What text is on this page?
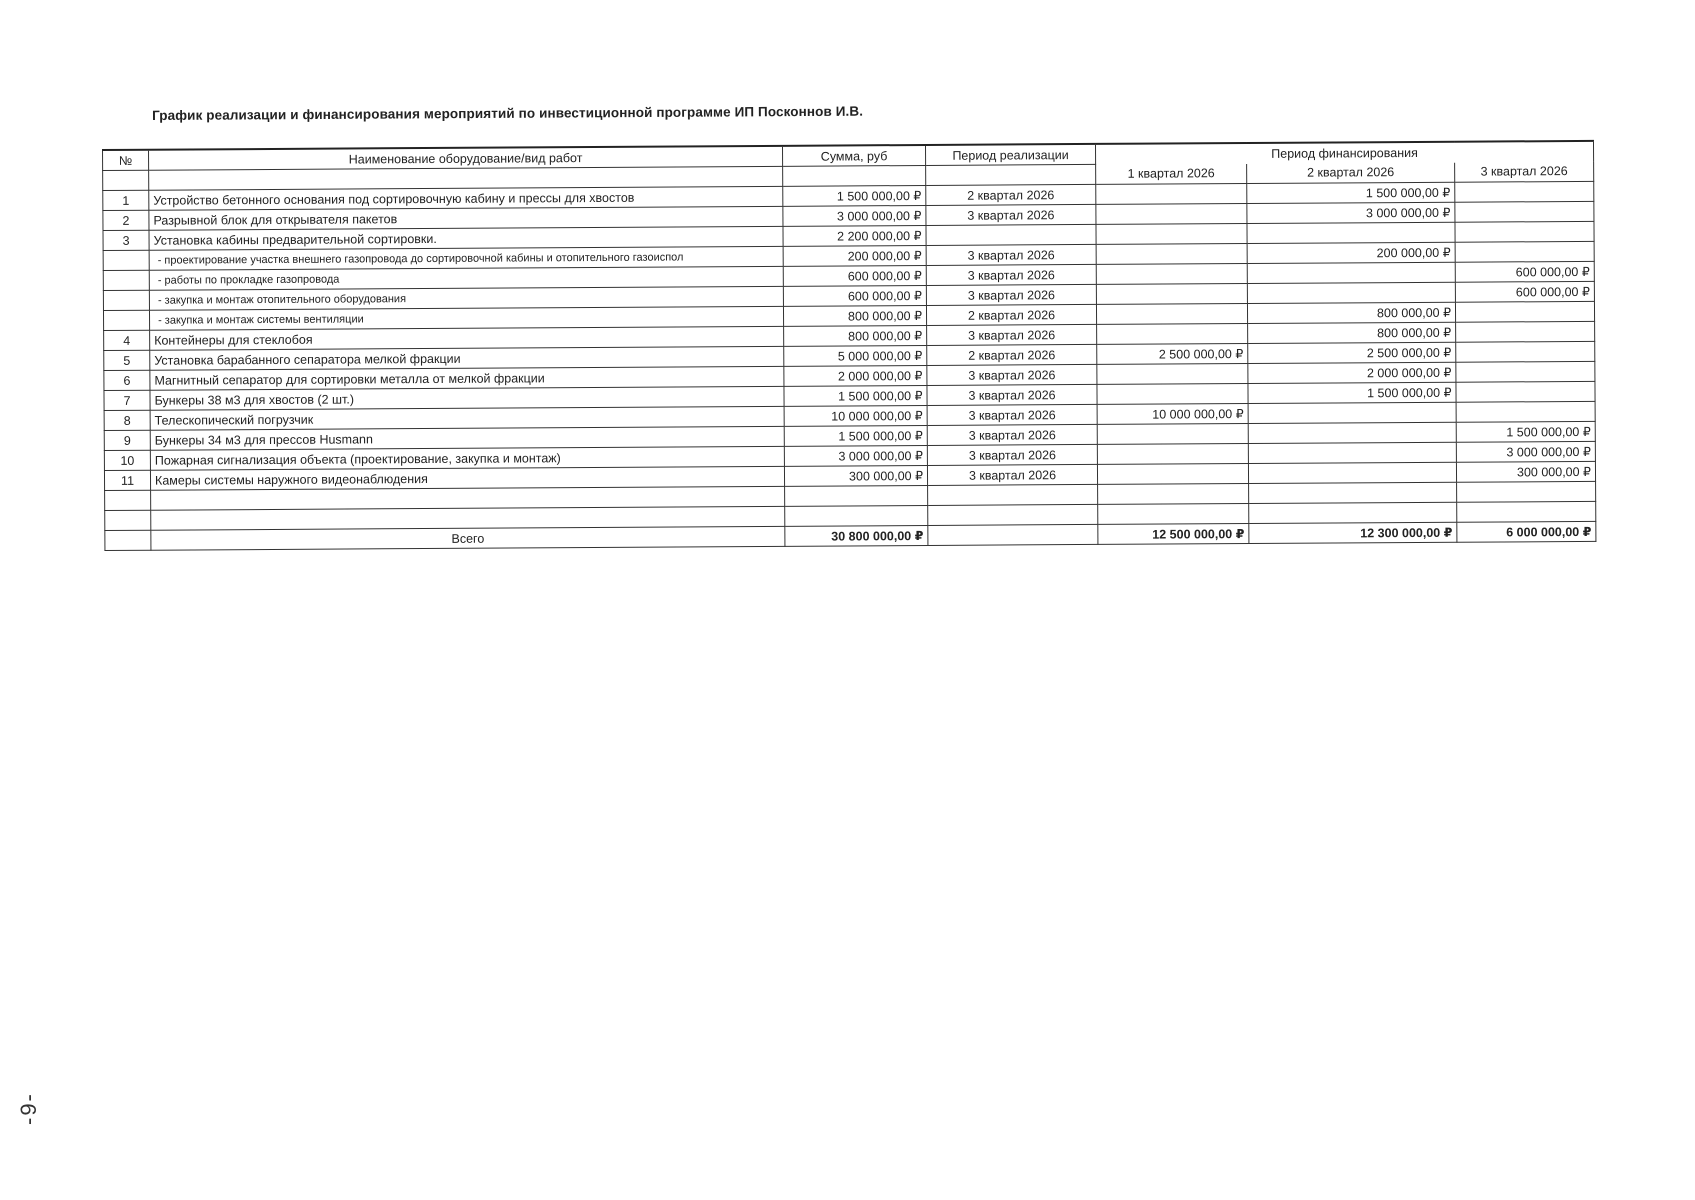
График реализации и финансирования мероприятий по инвестиционной программе ИП Посконнов И.В.
№	Наименование оборудование/вид работ	Сумма, руб	Период реализации	Период финансирования		
				1 квартал 2026	2 квартал 2026	3 квартал 2026
1	Устройство бетонного основания под сортировочную кабину и прессы для хвостов	1 500 000,00 ₽	2 квартал 2026		1 500 000,00 ₽	
2	Разрывной блок для открывателя пакетов	3 000 000,00 ₽	3 квартал 2026		3 000 000,00 ₽	
3	Установка кабины предварительной сортировки.	2 200 000,00 ₽				
	- проектирование участка внешнего газопровода до сортировочной кабины и отопительного газоиспол	200 000,00 ₽	3 квартал 2026		200 000,00 ₽	
	- работы по прокладке газопровода	600 000,00 ₽	3 квартал 2026			600 000,00 ₽
	- закупка и монтаж отопительного оборудования	600 000,00 ₽	3 квартал 2026			600 000,00 ₽
	- закупка и монтаж системы вентиляции	800 000,00 ₽	2 квартал 2026		800 000,00 ₽	
4	Контейнеры для стеклобоя	800 000,00 ₽	3 квартал 2026		800 000,00 ₽	
5	Установка барабанного сепаратора мелкой фракции	5 000 000,00 ₽	2 квартал 2026	2 500 000,00 ₽	2 500 000,00 ₽	
6	Магнитный сепаратор для сортировки металла от мелкой фракции	2 000 000,00 ₽	3 квартал 2026		2 000 000,00 ₽	
7	Бункеры 38 м3 для хвостов (2 шт.)	1 500 000,00 ₽	3 квартал 2026		1 500 000,00 ₽	
8	Телескопический погрузчик	10 000 000,00 ₽	3 квартал 2026	10 000 000,00 ₽		
9	Бункеры 34 м3 для прессов Husmann	1 500 000,00 ₽	3 квартал 2026			1 500 000,00 ₽
10	Пожарная сигнализация объекта (проектирование, закупка и монтаж)	3 000 000,00 ₽	3 квартал 2026			3 000 000,00 ₽
11	Камеры системы наружного видеонаблюдения	300 000,00 ₽	3 квартал 2026			300 000,00 ₽

	Всего	30 800 000,00 ₽		12 500 000,00 ₽	12 300 000,00 ₽	6 000 000,00 ₽
-9-
